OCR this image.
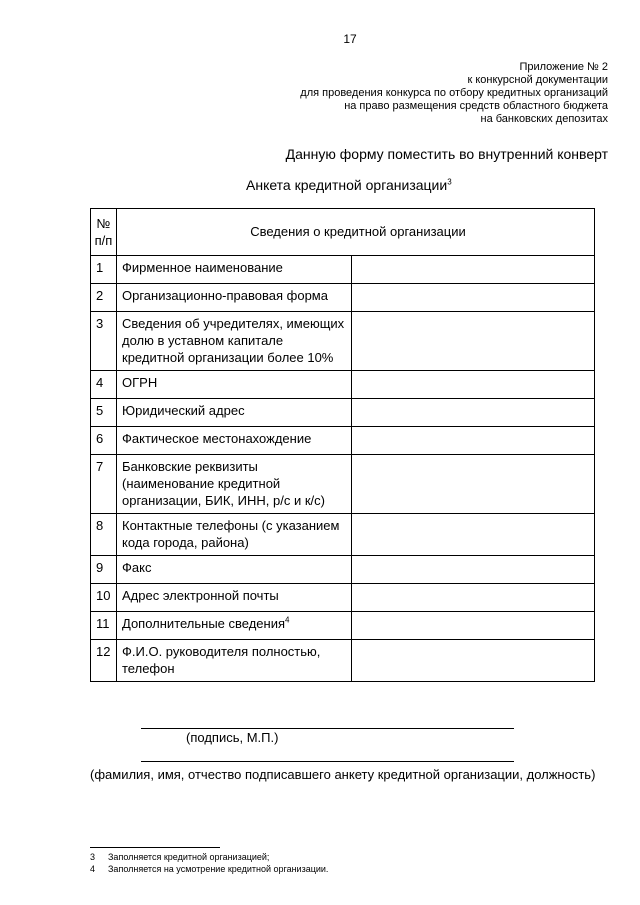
17
Приложение № 2
к конкурсной документации
для проведения конкурса по отбору кредитных организаций
на право размещения средств областного бюджета
на банковских депозитах
Данную форму поместить во внутренний конверт
Анкета кредитной организации$^3$
№ п/п	Сведения о кредитной организации	
1	Фирменное наименование	
2	Организационно-правовая форма	
3	Сведения об учредителях, имеющих долю в уставном капитале кредитной организации более 10%	
4	ОГРН	
5	Юридический адрес	
6	Фактическое местонахождение	
7	Банковские реквизиты (наименование кредитной организации, БИК, ИНН, р/с и к/с)	
8	Контактные телефоны (с указанием кода города, района)	
9	Факс	
10	Адрес электронной почты	
11	Дополнительные сведения$^4$	
12	Ф.И.О. руководителя полностью, телефон	
(подпись, М.П.)
(фамилия, имя, отчество подписавшего анкету кредитной организации, должность)
3	Заполняется кредитной организацией;
4	Заполняется на усмотрение кредитной организации.
